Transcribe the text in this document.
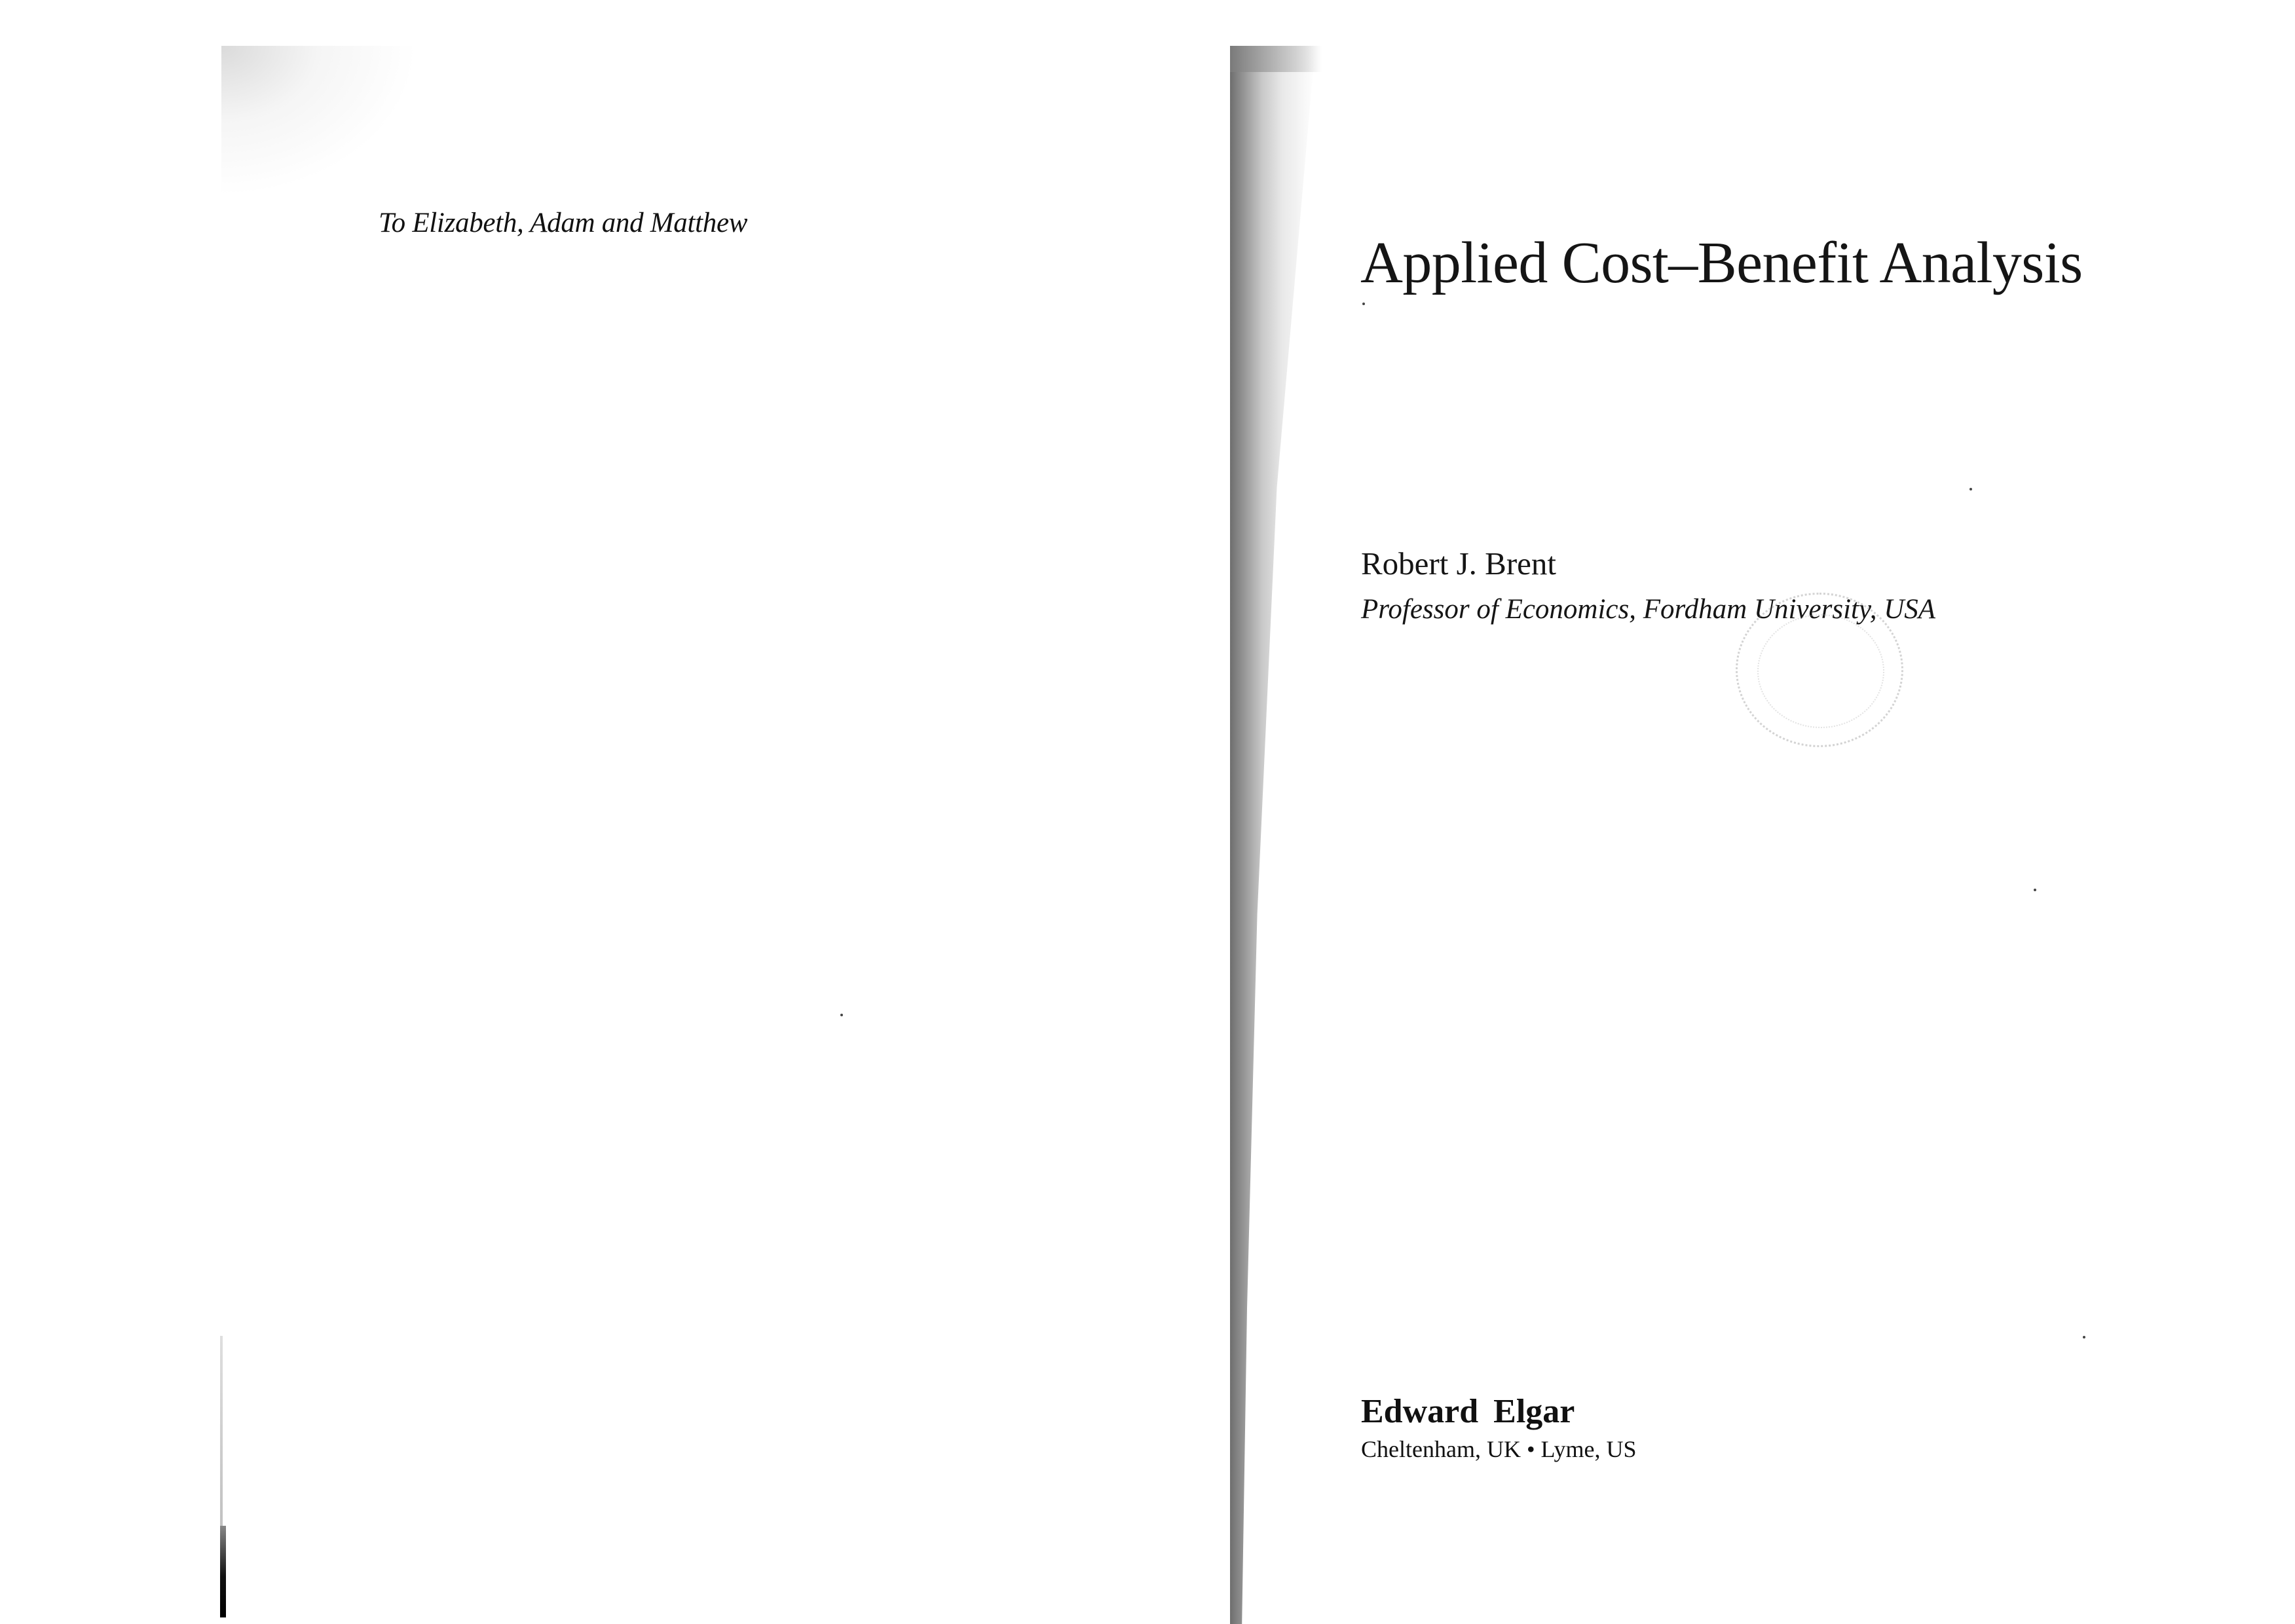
To Elizabeth, Adam and Matthew
Applied Cost–Benefit Analysis
Robert J. Brent
Professor of Economics, Fordham University, USA
Edward Elgar
Cheltenham, UK • Lyme, US
